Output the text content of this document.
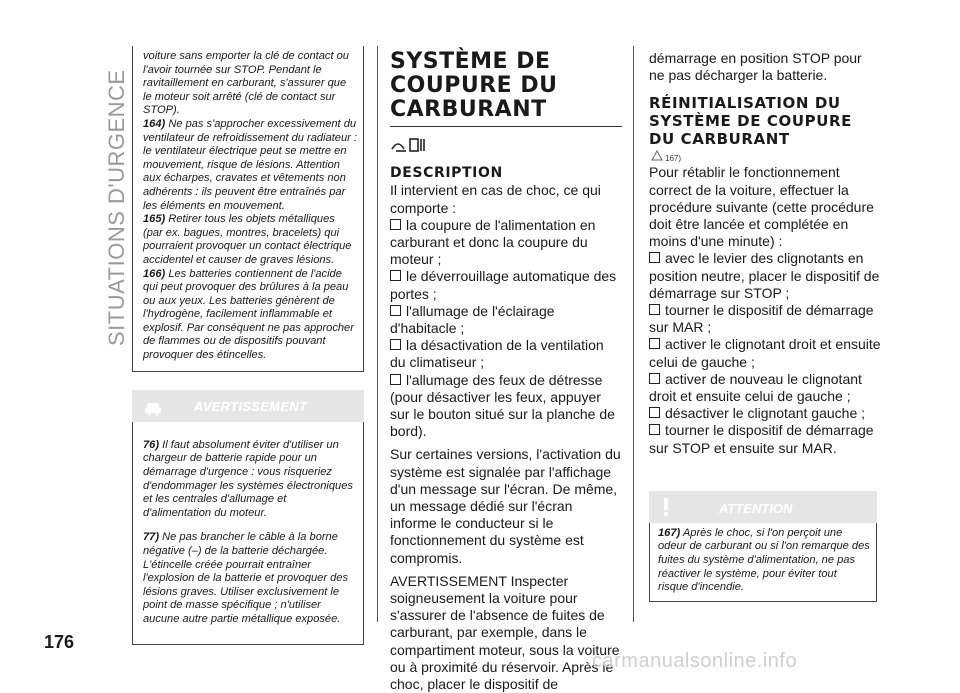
SITUATIONS D'URGENCE

voiture sans emporter la clé de contact ou l'avoir tournée sur STOP. Pendant le ravitaillement en carburant, s'assurer que le moteur soit arrêté (clé de contact sur STOP).

164) Ne pas s'approcher excessivement du ventilateur de refroidissement du radiateur : le ventilateur électrique peut se mettre en mouvement, risque de lésions. Attention aux écharpes, cravates et vêtements non adhérents : ils peuvent être entraînés par les éléments en mouvement.

165) Retirer tous les objets métalliques (par ex. bagues, montres, bracelets) qui pourraient provoquer un contact électrique accidentel et causer de graves lésions.

166) Les batteries contiennent de l'acide qui peut provoquer des brûlures à la peau ou aux yeux. Les batteries génèrent de l'hydrogène, facilement inflammable et explosif. Par conséquent ne pas approcher de flammes ou de dispositifs pouvant provoquer des étincelles.

AVERTISSEMENT

76) Il faut absolument éviter d'utiliser un chargeur de batterie rapide pour un démarrage d'urgence : vous risqueriez d'endommager les systèmes électroniques et les centrales d'allumage et d'alimentation du moteur.

77) Ne pas brancher le câble à la borne négative (–) de la batterie déchargée. L'étincelle créée pourrait entraîner l'explosion de la batterie et provoquer des lésions graves. Utiliser exclusivement le point de masse spécifique ; n'utiliser aucune autre partie métallique exposée.

SYSTÈME DE COUPURE DU CARBURANT
DESCRIPTION

Il intervient en cas de choc, ce qui comporte :

la coupure de l'alimentation en carburant et donc la coupure du moteur ;

le déverrouillage automatique des portes ;

l'allumage de l'éclairage d'habitacle ;

la désactivation de la ventilation du climatiseur ;

l'allumage des feux de détresse (pour désactiver les feux, appuyer sur le bouton situé sur la planche de bord).

Sur certaines versions, l'activation du système est signalée par l'affichage d'un message sur l'écran. De même, un message dédié sur l'écran informe le conducteur si le fonctionnement du système est compromis.

AVERTISSEMENT Inspecter soigneusement la voiture pour s'assurer de l'absence de fuites de carburant, par exemple, dans le compartiment moteur, sous la voiture ou à proximité du réservoir. Après le choc, placer le dispositif de

démarrage en position STOP pour ne pas décharger la batterie.

RÉINITIALISATION DU SYSTÈME DE COUPURE DU CARBURANT
167)

Pour rétablir le fonctionnement correct de la voiture, effectuer la procédure suivante (cette procédure doit être lancée et complétée en moins d'une minute) :

avec le levier des clignotants en position neutre, placer le dispositif de démarrage sur STOP ;

tourner le dispositif de démarrage sur MAR ;

activer le clignotant droit et ensuite celui de gauche ;

activer de nouveau le clignotant droit et ensuite celui de gauche ;

désactiver le clignotant gauche ;

tourner le dispositif de démarrage sur STOP et ensuite sur MAR.

ATTENTION
167) Après le choc, si l'on perçoit une odeur de carburant ou si l'on remarque des fuites du système d'alimentation, ne pas réactiver le système, pour éviter tout risque d'incendie.
176
carmanualsonline.info
